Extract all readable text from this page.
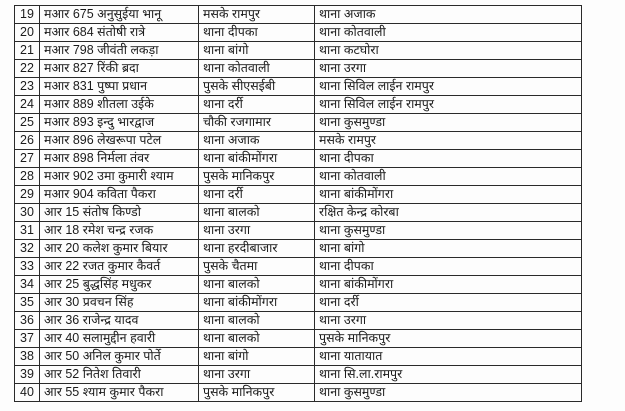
19	मआर 675 अनुसुईया भानू	मसके रामपुर	थाना अजाक
20	मआर 684 संतोषी रात्रे	थाना दीपका	थाना कोतवाली
21	मआर 798 जीवंती लकड़ा	थाना बांगो	थाना कटघोरा
22	मआर 827 रिंकी ब्रदा	थाना कोतवाली	थाना उरगा
23	मआर 831 पुष्पा प्रधान	पुसके सीएसईबी	थाना सिविल लाईन रामपुर
24	मआर 889 शीतला उईके	थाना दर्री	थाना सिविल लाईन रामपुर
25	मआर 893 इन्दु भारद्वाज	चौकी रजगामार	थाना कुसमुण्डा
26	मआर 896 लेखरूपा पटेल	थाना अजाक	मसके रामपुर
27	मआर 898 निर्मला तंवर	थाना बांकीमोंगरा	थाना दीपका
28	मआर 902 उमा कुमारी श्याम	पुसके मानिकपुर	थाना कोतवाली
29	मआर 904 कविता पैकरा	थाना दर्री	थाना बांकीमोंगरा
30	आर 15 संतोष किण्डो	थाना बालको	रक्षित केन्द्र कोरबा
31	आर 18 रमेश चन्द्र रजक	थाना उरगा	थाना कुसमुण्डा
32	आर 20 कलेश कुमार बियार	थाना हरदीबाजार	थाना बांगो
33	आर 22 रजत कुमार कैवर्त	पुसके चैतमा	थाना दीपका
34	आर 25 बुद्धसिंह मधुकर	थाना बालको	थाना बांकीमोंगरा
35	आर 30 प्रवचन सिंह	थाना बांकीमोंगरा	थाना दर्री
36	आर 36 राजेन्द्र यादव	थाना बालको	थाना उरगा
37	आर 40 सलामुद्दीन हवारी	थाना बालको	पुसके मानिकपुर
38	आर 50 अनिल कुमार पोर्ते	थाना बांगो	थाना यातायात
39	आर 52 नितेश तिवारी	थाना उरगा	थाना सि.ला.रामपुर
40	आर 55 श्याम कुमार पैकरा	पुसके मानिकपुर	थाना कुसमुण्डा
